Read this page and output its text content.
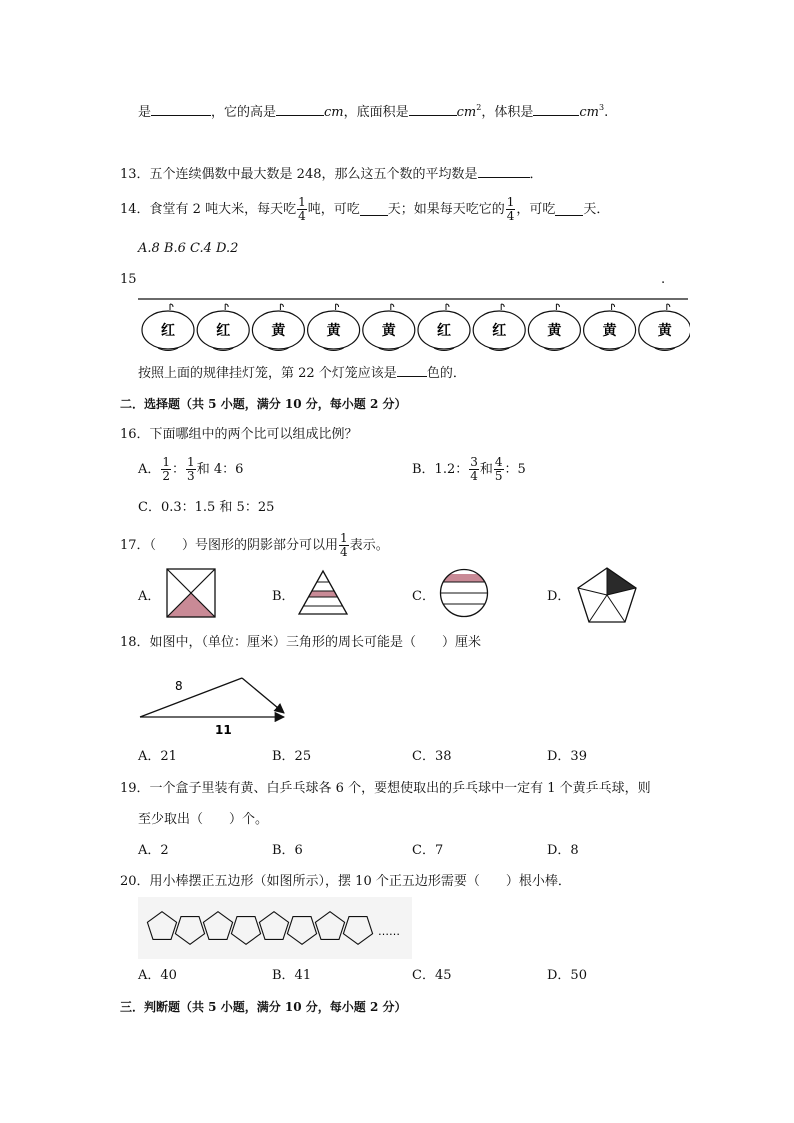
是	，它的高是	cm，底面积是	$cm^2$，体积是	$cm^3$.
13．五个连续偶数中最大数是 248，那么这五个数的平均数是	．
14．食堂有 2 吨大米，每天吃 $\frac{1}{4}$ 吨，可吃 天；如果每天吃它的 $\frac{1}{4}$ ，可吃 天．
A.8 B.6 C.4 D.2
15	.
红	红	黄	黄	黄	红	红	黄	黄	黄
按照上面的规律挂灯笼，第 22 个灯笼应该是 色的．
二．选择题（共 5 小题，满分 10 分，每小题 2 分）
16．下面哪组中的两个比可以组成比例？
A． $\frac{1}{2}$ ： $\frac{1}{3}$ 和 4：6	B．1.2： $\frac{3}{4}$ 和 $\frac{4}{5}$ ：5
C．0.3：1.5 和 5：25
17．（　　）号图形的阴影部分可以用 $\frac{1}{4}$ 表示。
A．	B．	C．	D．
18．如图中，（单位：厘米）三角形的周长可能是（　　）厘米
8
11
A．21	B．25	C．38	D．39
19．一个盒子里装有黄、白乒乓球各 6 个，要想使取出的乒乓球中一定有 1 个黄乒乓球，则
至少取出（　　）个。
A．2	B．6	C．7	D．8
20．用小棒摆正五边形（如图所示），摆 10 个正五边形需要（　　）根小棒．
……
A．40	B．41	C．45	D．50
三．判断题（共 5 小题，满分 10 分，每小题 2 分）
